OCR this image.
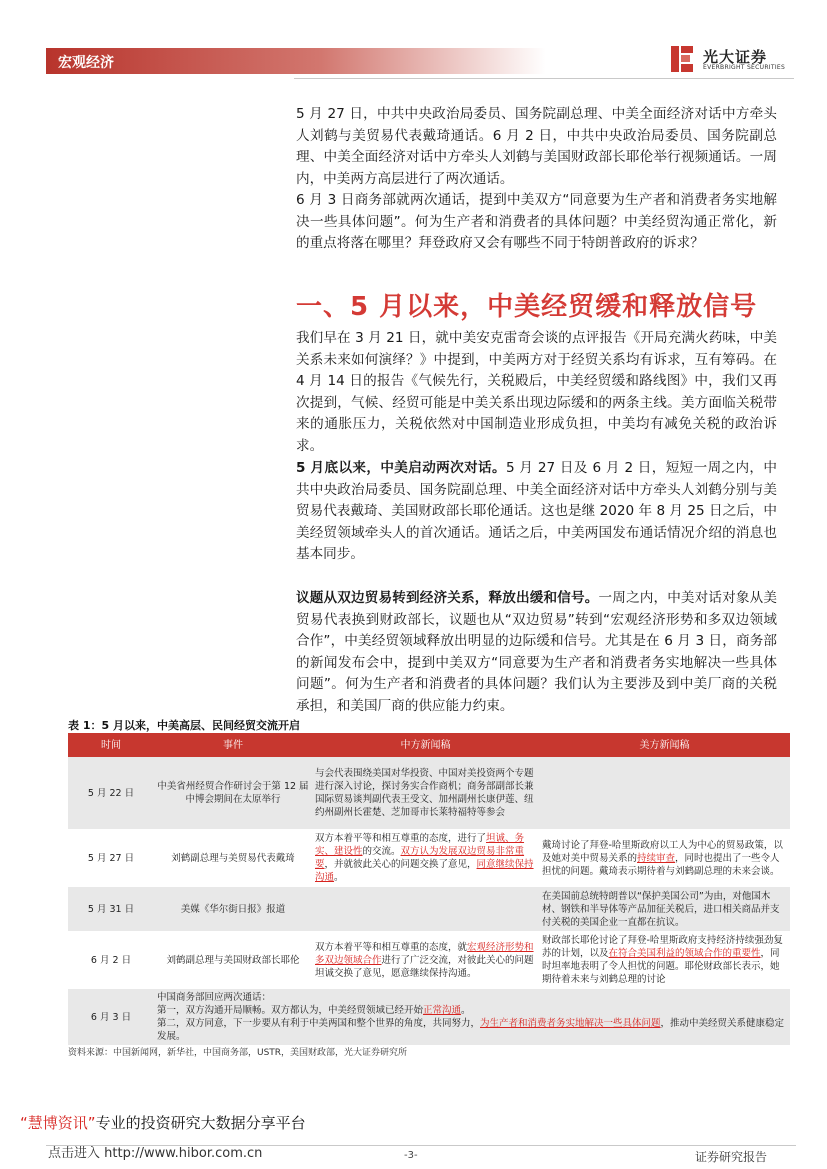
宏观经济	光大证券
EVERBRIGHT SECURITIES
5 月 27 日，中共中央政治局委员、国务院副总理、中美全面经济对话中方牵头人刘鹤与美贸易代表戴琦通话。6 月 2 日，中共中央政治局委员、国务院副总理、中美全面经济对话中方牵头人刘鹤与美国财政部长耶伦举行视频通话。一周内，中美两方高层进行了两次通话。
6 月 3 日商务部就两次通话，提到中美双方“同意要为生产者和消费者务实地解决一些具体问题”。何为生产者和消费者的具体问题？中美经贸沟通正常化，新的重点将落在哪里？拜登政府又会有哪些不同于特朗普政府的诉求？
一、5 月以来，中美经贸缓和释放信号
我们早在 3 月 21 日，就中美安克雷奇会谈的点评报告《开局充满火药味，中美关系未来如何演绎？》中提到，中美两方对于经贸关系均有诉求，互有筹码。在 4 月 14 日的报告《气候先行，关税殿后，中美经贸缓和路线图》中，我们又再次提到，气候、经贸可能是中美关系出现边际缓和的两条主线。美方面临关税带来的通胀压力，关税依然对中国制造业形成负担，中美均有减免关税的政治诉求。
5 月底以来，中美启动两次对话。5 月 27 日及 6 月 2 日，短短一周之内，中共中央政治局委员、国务院副总理、中美全面经济对话中方牵头人刘鹤分别与美贸易代表戴琦、美国财政部长耶伦通话。这也是继 2020 年 8 月 25 日之后，中美经贸领域牵头人的首次通话。通话之后，中美两国发布通话情况介绍的消息也基本同步。
议题从双边贸易转到经济关系，释放出缓和信号。一周之内，中美对话对象从美贸易代表换到财政部长，议题也从“双边贸易”转到“宏观经济形势和多双边领域合作”，中美经贸领域释放出明显的边际缓和信号。尤其是在 6 月 3 日，商务部的新闻发布会中，提到中美双方“同意要为生产者和消费者务实地解决一些具体问题”。何为生产者和消费者的具体问题？我们认为主要涉及到中美厂商的关税承担，和美国厂商的供应能力约束。
表 1：5 月以来，中美高层、民间经贸交流开启
时间	事件	中方新闻稿	美方新闻稿
5 月 22 日	中美省州经贸合作研讨会于第 12 届中博会期间在太原举行	与会代表围绕美国对华投资、中国对美投资两个专题进行深入讨论，探讨务实合作商机；商务部副部长兼国际贸易谈判副代表王受文、加州副州长康伊莲、纽约州副州长霍楚、芝加哥市长莱特福特等参会	
5 月 27 日	刘鹤副总理与美贸易代表戴琦	双方本着平等和相互尊重的态度，进行了坦诚、务实、建设性的交流。双方认为发展双边贸易非常重要，并就彼此关心的问题交换了意见，同意继续保持沟通。	戴琦讨论了拜登-哈里斯政府以工人为中心的贸易政策，以及她对美中贸易关系的持续审查，同时也提出了一些令人担忧的问题。戴琦表示期待着与刘鹤副总理的未来会谈。
5 月 31 日	美媒《华尔街日报》报道		在美国前总统特朗普以“保护美国公司”为由，对他国木材、钢铁和半导体等产品加征关税后，进口相关商品并支付关税的美国企业一直都在抗议。
6 月 2 日	刘鹤副总理与美国财政部长耶伦	双方本着平等和相互尊重的态度，就宏观经济形势和多双边领域合作进行了广泛交流，对彼此关心的问题坦诚交换了意见，愿意继续保持沟通。	财政部长耶伦讨论了拜登-哈里斯政府支持经济持续强劲复苏的计划，以及在符合美国利益的领域合作的重要性，同时坦率地表明了令人担忧的问题。耶伦财政部长表示，她期待着未来与刘鹤总理的讨论
6 月 3 日	中国商务部回应两次通话：
第一，双方沟通开局顺畅。双方都认为，中美经贸领域已经开始正常沟通。
第二，双方同意，下一步要从有利于中美两国和整个世界的角度，共同努力，为生产者和消费者务实地解决一些具体问题，推动中美经贸关系健康稳定发展。		
资料来源：中国新闻网，新华社，中国商务部，USTR，美国财政部，光大证券研究所
“慧博资讯”专业的投资研究大数据分享平台
点击进入 http://www.hibor.com.cn	-3-	证券研究报告
